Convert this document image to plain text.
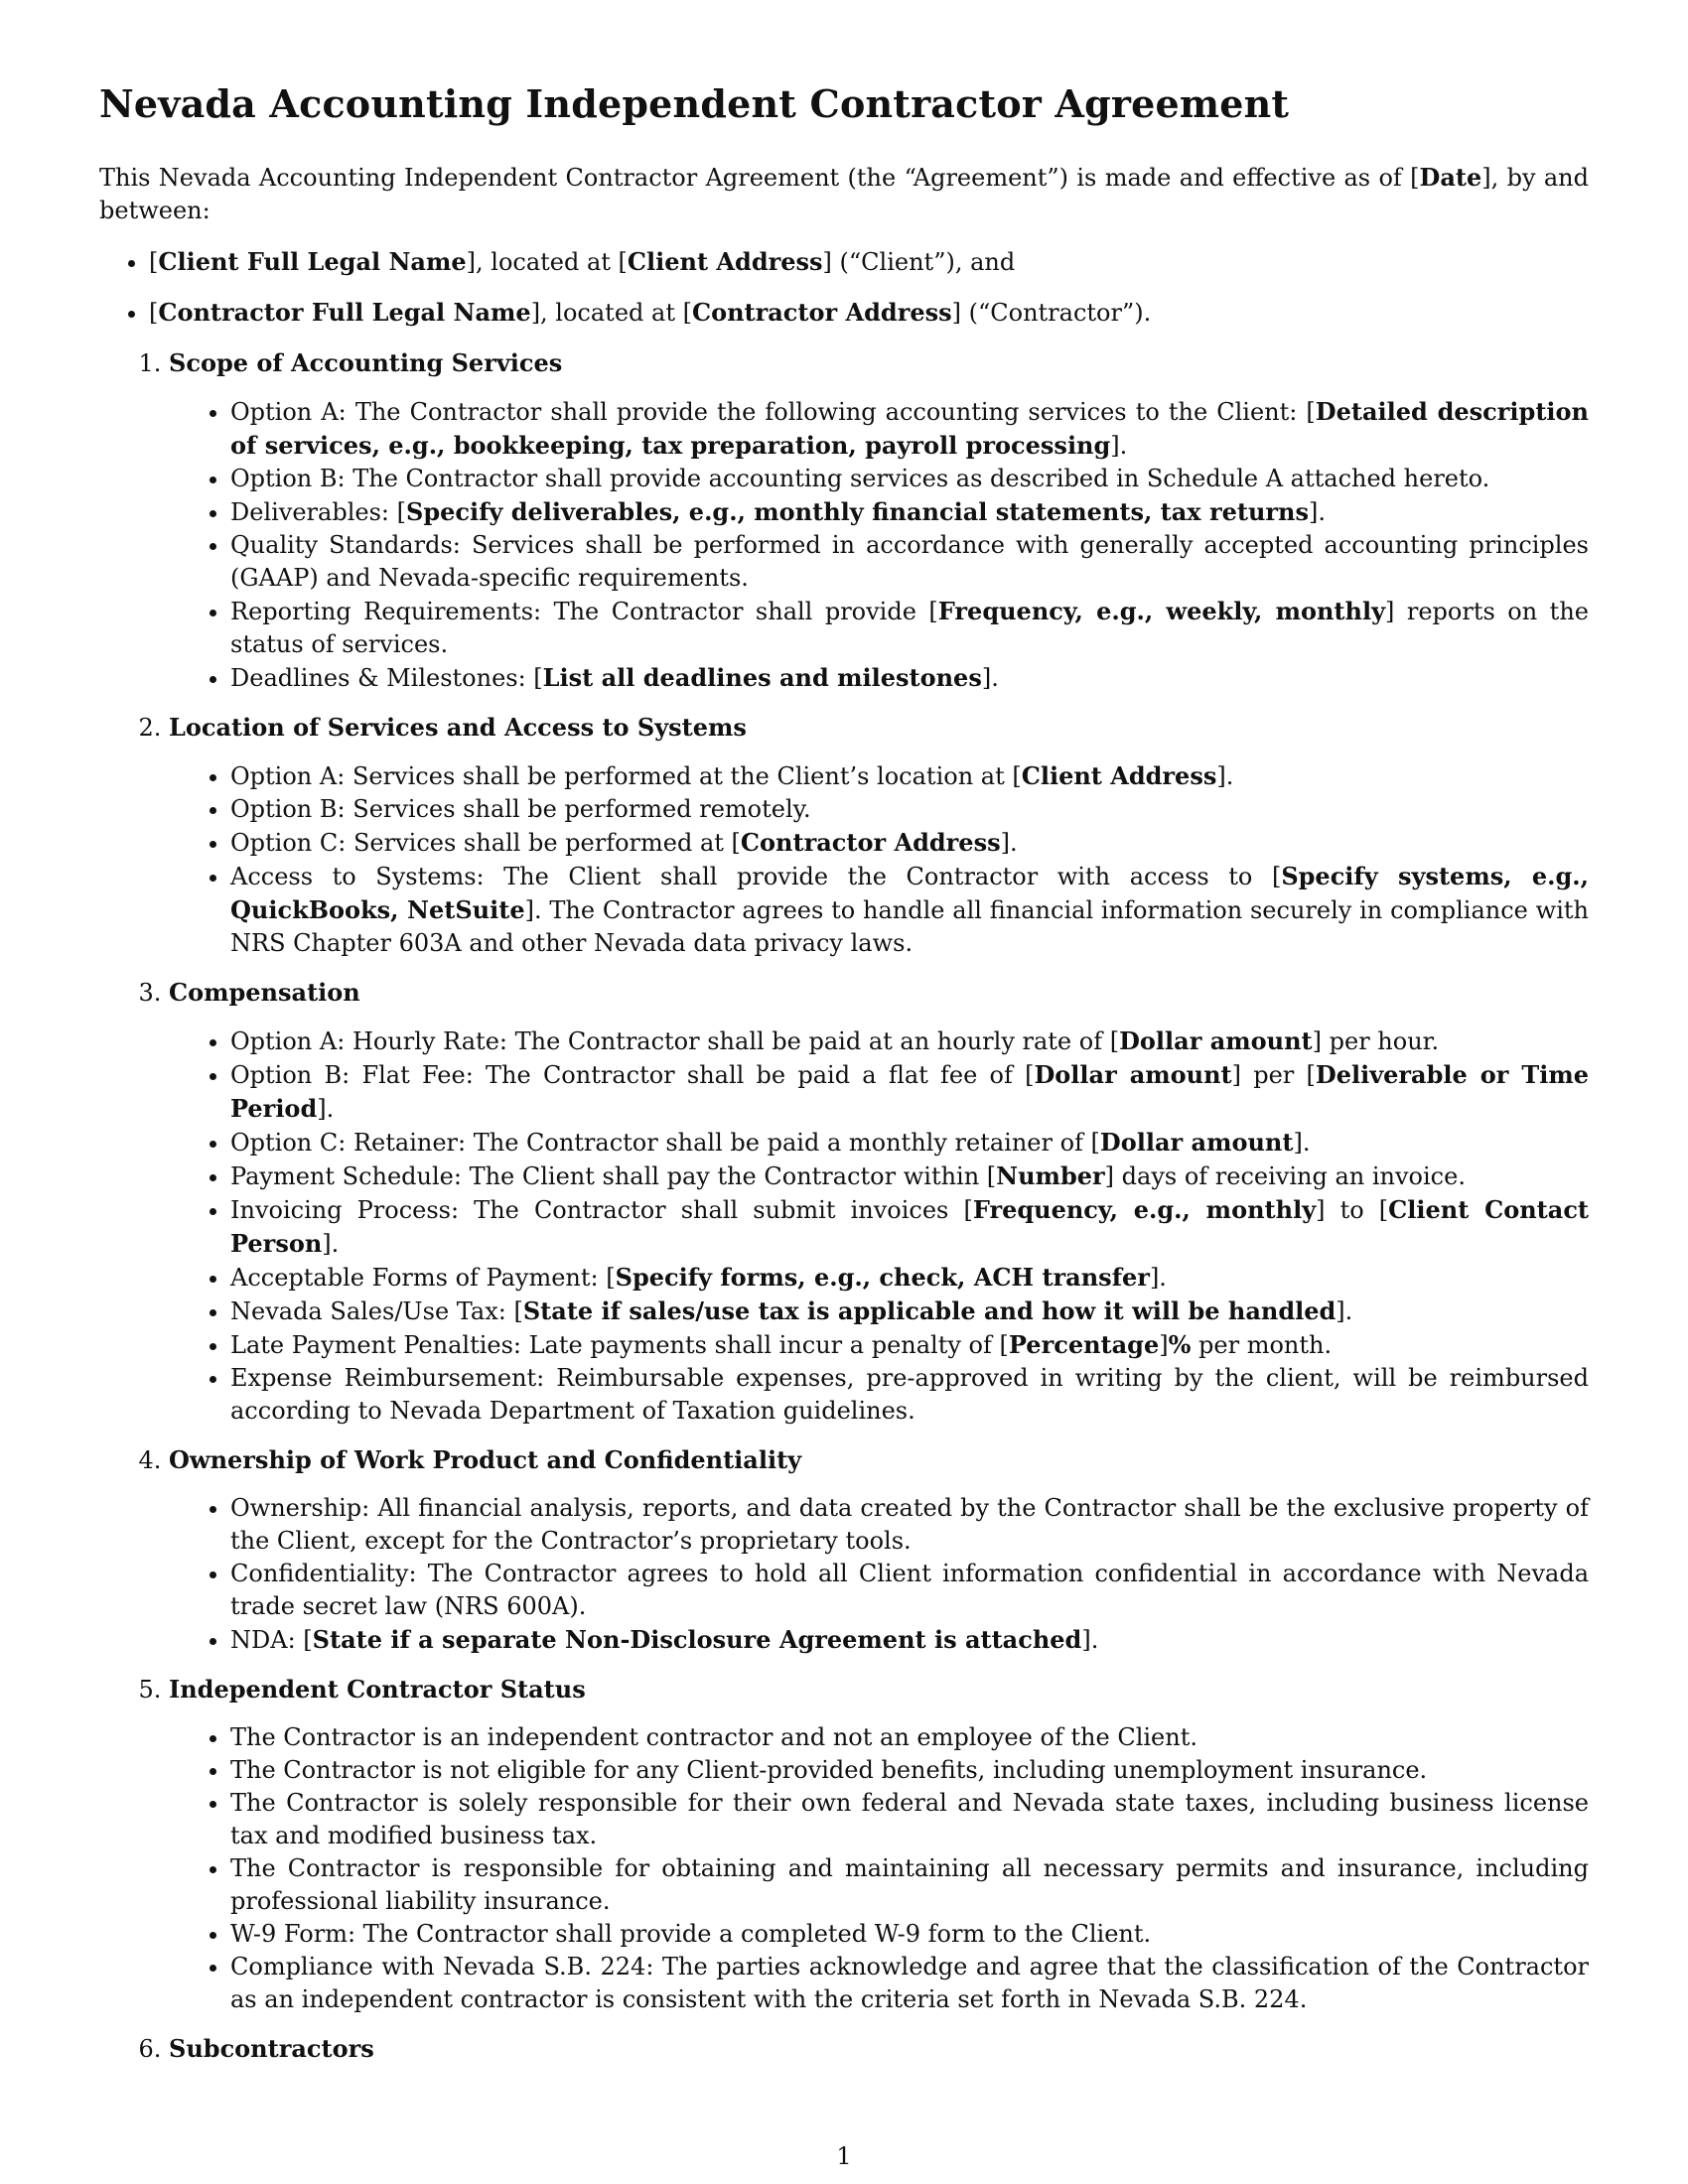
Nevada Accounting Independent Contractor Agreement

This Nevada Accounting Independent Contractor Agreement (the “Agreement”) is made and effective as of [Date], by and between:

• [Client Full Legal Name], located at [Client Address] (“Client”), and
• [Contractor Full Legal Name], located at [Contractor Address] (“Contractor”).
1. Scope of Accounting Services
• Option A: The Contractor shall provide the following accounting services to the Client: [Detailed description of services, e.g., bookkeeping, tax preparation, payroll processing].
• Option B: The Contractor shall provide accounting services as described in Schedule A attached hereto.
• Deliverables: [Specify deliverables, e.g., monthly financial statements, tax returns].
• Quality Standards: Services shall be performed in accordance with generally accepted accounting principles (GAAP) and Nevada-specific requirements.
• Reporting Requirements: The Contractor shall provide [Frequency, e.g., weekly, monthly] reports on the status of services.
• Deadlines & Milestones: [List all deadlines and milestones].
2. Location of Services and Access to Systems
• Option A: Services shall be performed at the Client’s location at [Client Address].
• Option B: Services shall be performed remotely.
• Option C: Services shall be performed at [Contractor Address].
• Access to Systems: The Client shall provide the Contractor with access to [Specify systems, e.g., QuickBooks, NetSuite]. The Contractor agrees to handle all financial information securely in compliance with NRS Chapter 603A and other Nevada data privacy laws.
3. Compensation
• Option A: Hourly Rate: The Contractor shall be paid at an hourly rate of [Dollar amount] per hour.
• Option B: Flat Fee: The Contractor shall be paid a flat fee of [Dollar amount] per [Deliverable or Time Period].
• Option C: Retainer: The Contractor shall be paid a monthly retainer of [Dollar amount].
• Payment Schedule: The Client shall pay the Contractor within [Number] days of receiving an invoice.
• Invoicing Process: The Contractor shall submit invoices [Frequency, e.g., monthly] to [Client Contact Person].
• Acceptable Forms of Payment: [Specify forms, e.g., check, ACH transfer].
• Nevada Sales/Use Tax: [State if sales/use tax is applicable and how it will be handled].
• Late Payment Penalties: Late payments shall incur a penalty of [Percentage]% per month.
• Expense Reimbursement: Reimbursable expenses, pre-approved in writing by the client, will be reimbursed according to Nevada Department of Taxation guidelines.
4. Ownership of Work Product and Confidentiality
• Ownership: All financial analysis, reports, and data created by the Contractor shall be the exclusive property of the Client, except for the Contractor’s proprietary tools.
• Confidentiality: The Contractor agrees to hold all Client information confidential in accordance with Nevada trade secret law (NRS 600A).
• NDA: [State if a separate Non-Disclosure Agreement is attached].
5. Independent Contractor Status
• The Contractor is an independent contractor and not an employee of the Client.
• The Contractor is not eligible for any Client-provided benefits, including unemployment insurance.
• The Contractor is solely responsible for their own federal and Nevada state taxes, including business license tax and modified business tax.
• The Contractor is responsible for obtaining and maintaining all necessary permits and insurance, including professional liability insurance.
• W-9 Form: The Contractor shall provide a completed W-9 form to the Client.
• Compliance with Nevada S.B. 224: The parties acknowledge and agree that the classification of the Contractor as an independent contractor is consistent with the criteria set forth in Nevada S.B. 224.
6. Subcontractors
1
